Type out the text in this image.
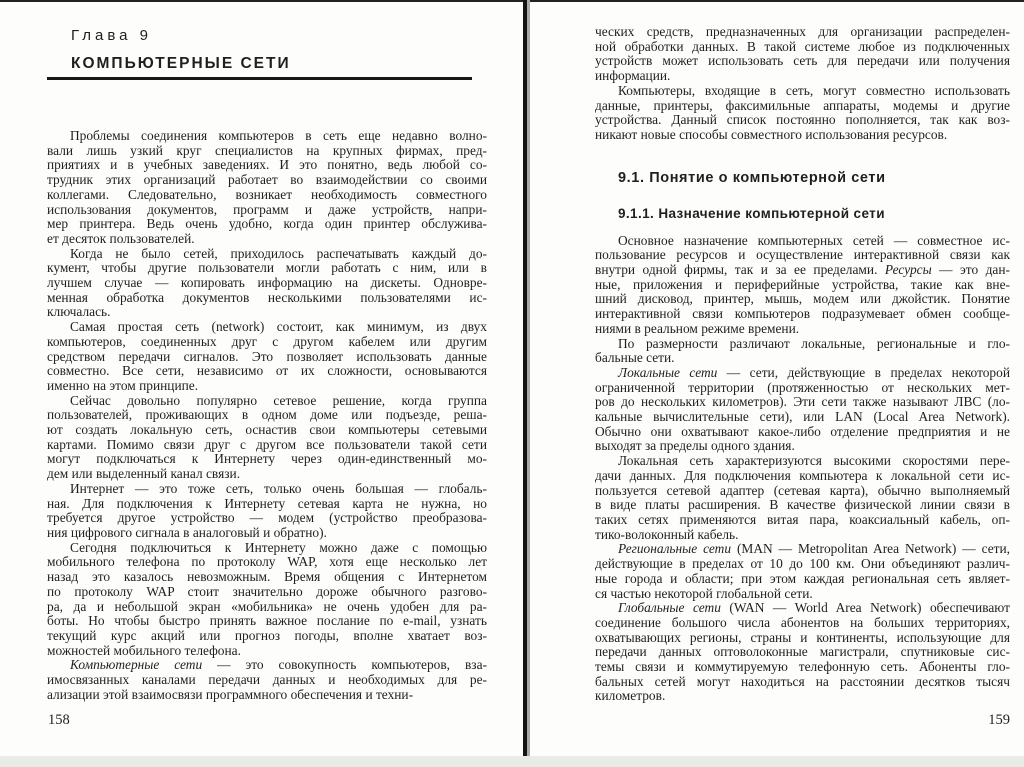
Глава 9
КОМПЬЮТЕРНЫЕ СЕТИ
Проблемы соединения компьютеров в сеть еще недавно волно-
вали лишь узкий круг специалистов на крупных фирмах, пред-
приятиях и в учебных заведениях. И это понятно, ведь любой со-
трудник этих организаций работает во взаимодействии со своими
коллегами. Следовательно, возникает необходимость совместного
использования документов, программ и даже устройств, напри-
мер принтера. Ведь очень удобно, когда один принтер обслужива-
ет десяток пользователей.
Когда не было сетей, приходилось распечатывать каждый до-
кумент, чтобы другие пользователи могли работать с ним, или в
лучшем случае — копировать информацию на дискеты. Одновре-
менная обработка документов несколькими пользователями ис-
ключалась.
Самая простая сеть (network) состоит, как минимум, из двух
компьютеров, соединенных друг с другом кабелем или другим
средством передачи сигналов. Это позволяет использовать данные
совместно. Все сети, независимо от их сложности, основываются
именно на этом принципе.
Сейчас довольно популярно сетевое решение, когда группа
пользователей, проживающих в одном доме или подъезде, реша-
ют создать локальную сеть, оснастив свои компьютеры сетевыми
картами. Помимо связи друг с другом все пользователи такой сети
могут подключаться к Интернету через один-единственный мо-
дем или выделенный канал связи.
Интернет — это тоже сеть, только очень большая — глобаль-
ная. Для подключения к Интернету сетевая карта не нужна, но
требуется другое устройство — модем (устройство преобразова-
ния цифрового сигнала в аналоговый и обратно).
Сегодня подключиться к Интернету можно даже с помощью
мобильного телефона по протоколу WAP, хотя еще несколько лет
назад это казалось невозможным. Время общения с Интернетом
по протоколу WAP стоит значительно дороже обычного разгово-
ра, да и небольшой экран «мобильника» не очень удобен для ра-
боты. Но чтобы быстро принять важное послание по e-mail, узнать
текущий курс акций или прогноз погоды, вполне хватает воз-
можностей мобильного телефона.
Компьютерные сети — это совокупность компьютеров, вза-
имосвязанных каналами передачи данных и необходимых для ре-
ализации этой взаимосвязи программного обеспечения и техни-
ческих средств, предназначенных для организации распределен-
ной обработки данных. В такой системе любое из подключенных
устройств может использовать сеть для передачи или получения
информации.
Компьютеры, входящие в сеть, могут совместно использовать
данные, принтеры, факсимильные аппараты, модемы и другие
устройства. Данный список постоянно пополняется, так как воз-
никают новые способы совместного использования ресурсов.
9.1. Понятие о компьютерной сети
9.1.1. Назначение компьютерной сети
Основное назначение компьютерных сетей — совместное ис-
пользование ресурсов и осуществление интерактивной связи как
внутри одной фирмы, так и за ее пределами. Ресурсы — это дан-
ные, приложения и периферийные устройства, такие как вне-
шний дисковод, принтер, мышь, модем или джойстик. Понятие
интерактивной связи компьютеров подразумевает обмен сообще-
ниями в реальном режиме времени.
По размерности различают локальные, региональные и гло-
бальные сети.
Локальные сети — сети, действующие в пределах некоторой
ограниченной территории (протяженностью от нескольких мет-
ров до нескольких километров). Эти сети также называют ЛВС (ло-
кальные вычислительные сети), или LAN (Local Area Network).
Обычно они охватывают какое-либо отделение предприятия и не
выходят за пределы одного здания.
Локальная сеть характеризуются высокими скоростями пере-
дачи данных. Для подключения компьютера к локальной сети ис-
пользуется сетевой адаптер (сетевая карта), обычно выполняемый
в виде платы расширения. В качестве физической линии связи в
таких сетях применяются витая пара, коаксиальный кабель, оп-
тико-волоконный кабель.
Региональные сети (MAN — Metropolitan Area Network) — сети,
действующие в пределах от 10 до 100 км. Они объединяют различ-
ные города и области; при этом каждая региональная сеть являет-
ся частью некоторой глобальной сети.
Глобальные сети (WAN — World Area Network) обеспечивают
соединение большого числа абонентов на больших территориях,
охватывающих регионы, страны и континенты, использующие для
передачи данных оптоволоконные магистрали, спутниковые сис-
темы связи и коммутируемую телефонную сеть. Абоненты гло-
бальных сетей могут находиться на расстоянии десятков тысяч
километров.
158	159
